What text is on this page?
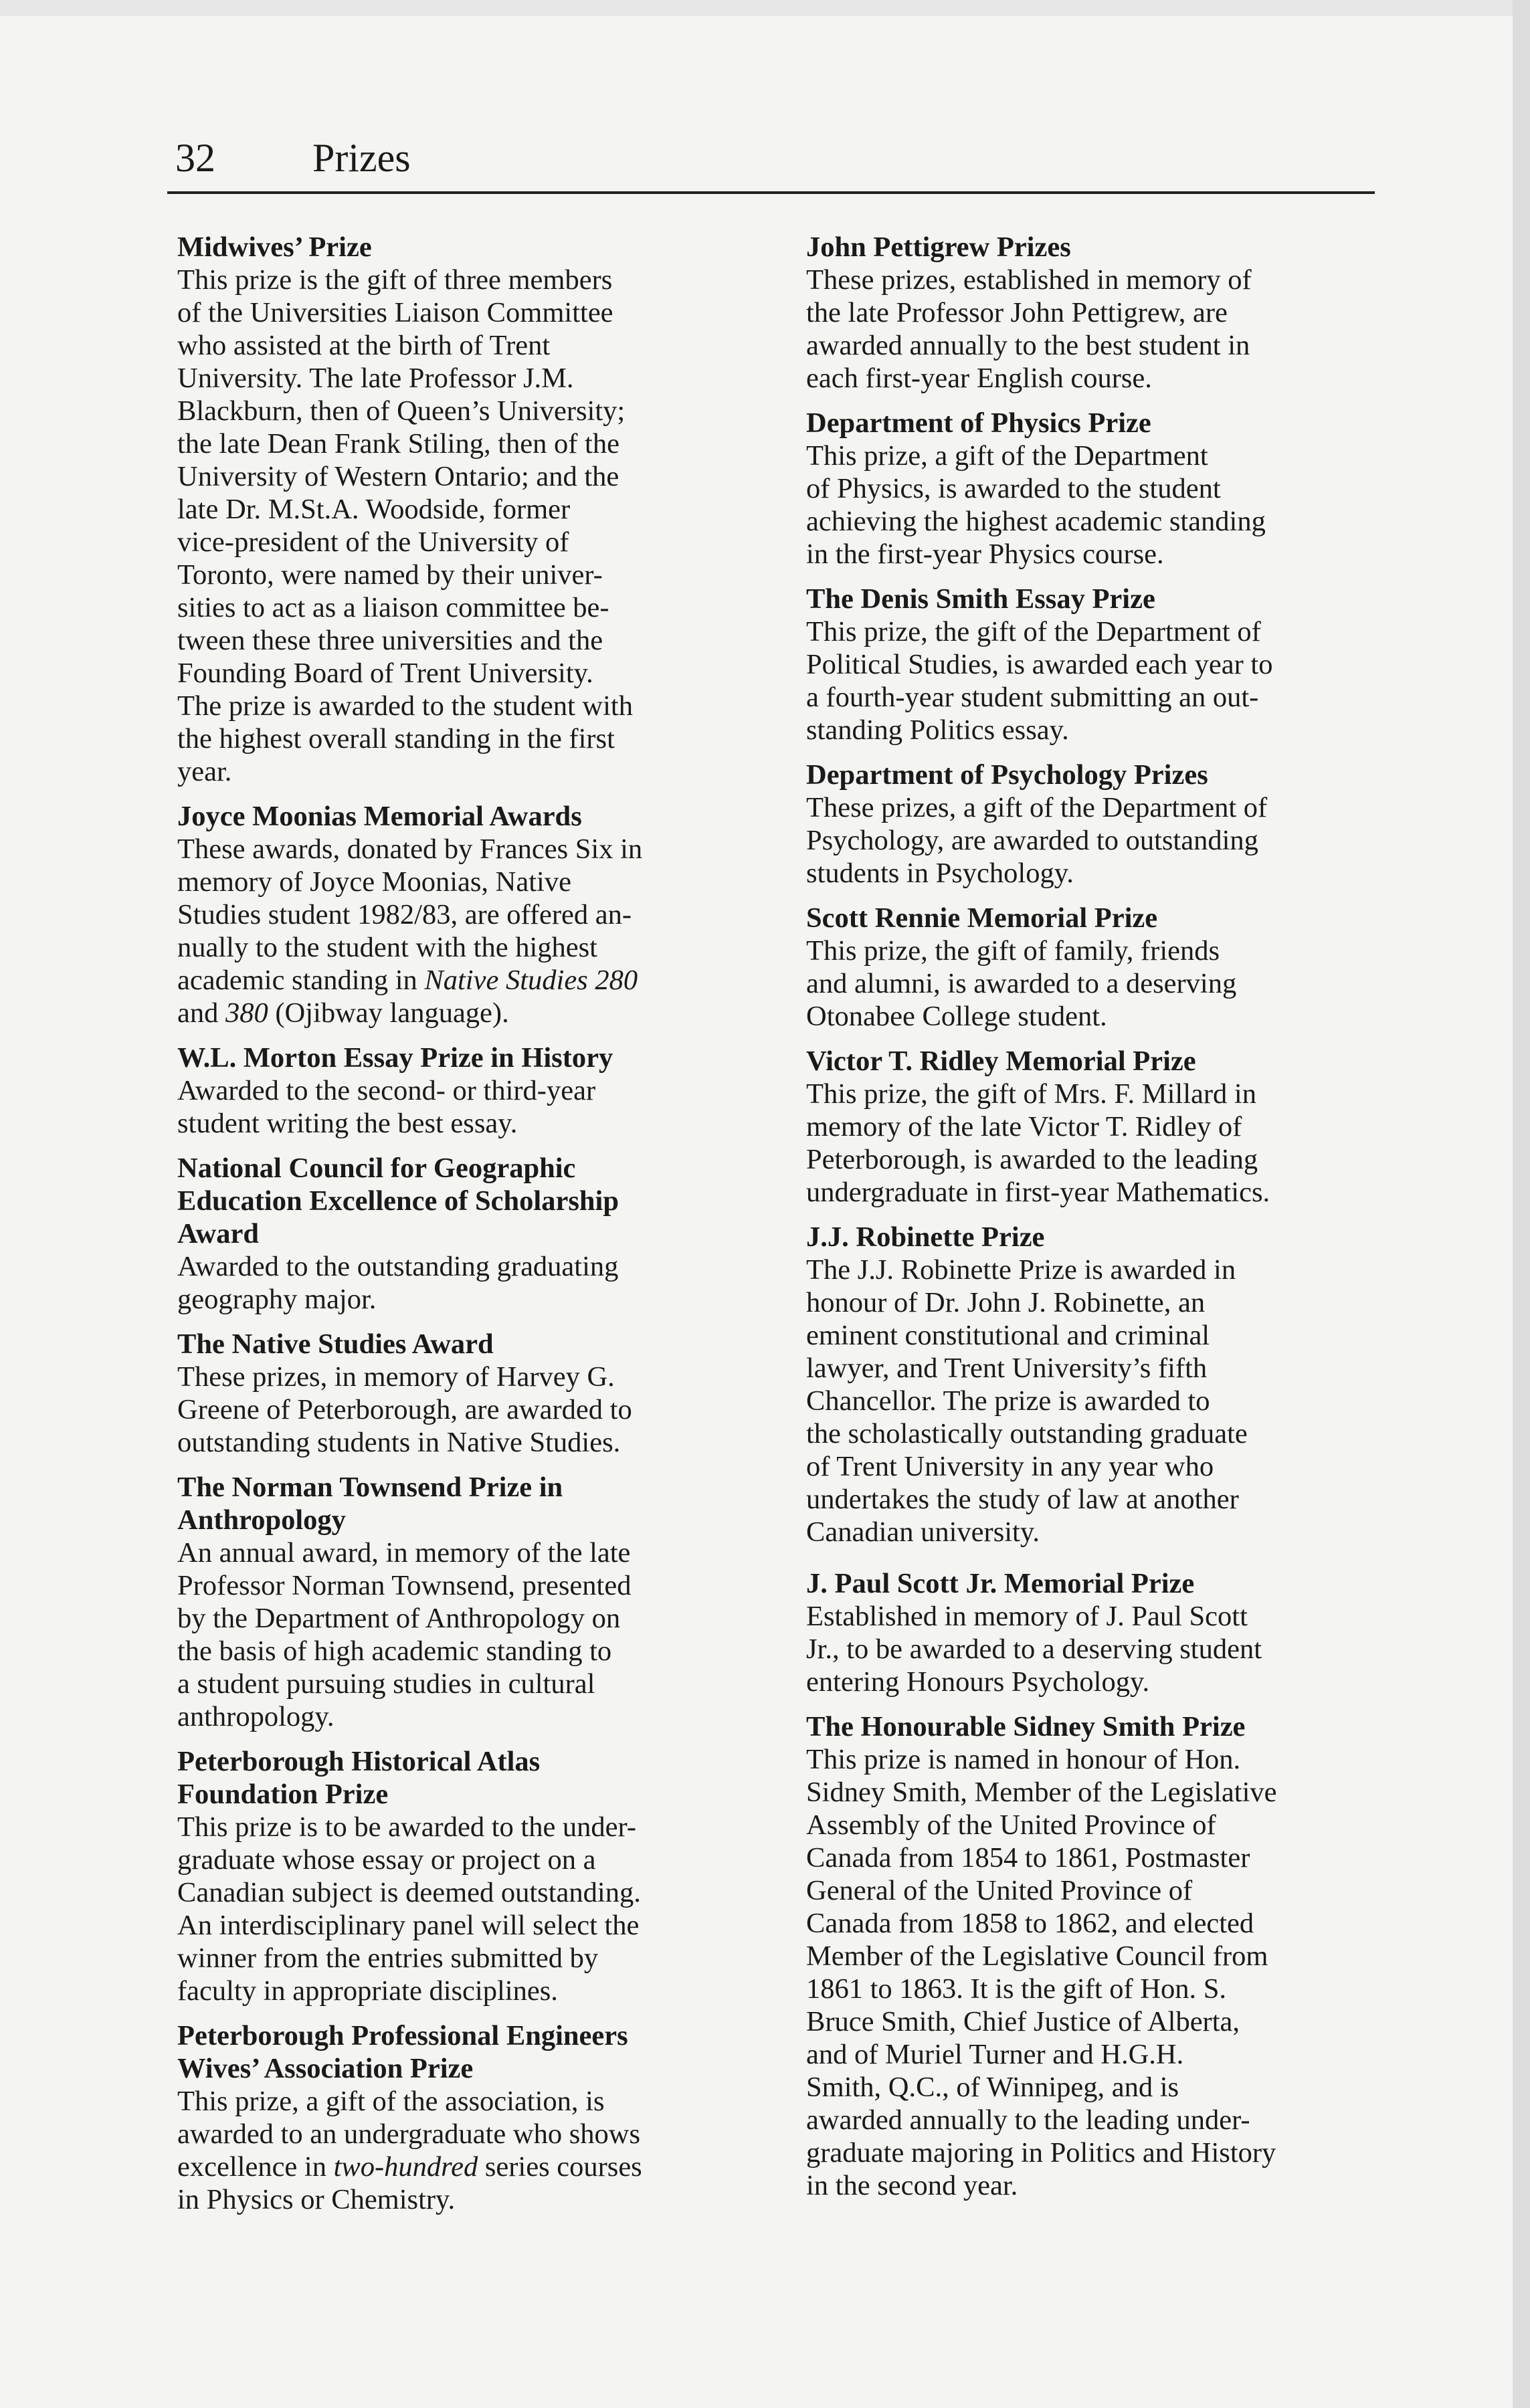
32 Prizes
Midwives’ Prize

This prize is the gift of three members
of the Universities Liaison Committee
who assisted at the birth of Trent
University. The late Professor J.M.
Blackburn, then of Queen’s University;
the late Dean Frank Stiling, then of the
University of Western Ontario; and the
late Dr. M.St.A. Woodside, former
vice-president of the University of
Toronto, were named by their univer-
sities to act as a liaison committee be-
tween these three universities and the
Founding Board of Trent University.
The prize is awarded to the student with
the highest overall standing in the first
year.

Joyce Moonias Memorial Awards

These awards, donated by Frances Six in
memory of Joyce Moonias, Native
Studies student 1982/83, are offered an-
nually to the student with the highest
academic standing in Native Studies 280
and 380 (Ojibway language).

W.L. Morton Essay Prize in History

Awarded to the second- or third-year
student writing the best essay.

National Council for Geographic
Education Excellence of Scholarship
Award

Awarded to the outstanding graduating
geography major.

The Native Studies Award

These prizes, in memory of Harvey G.
Greene of Peterborough, are awarded to
outstanding students in Native Studies.

The Norman Townsend Prize in
Anthropology

An annual award, in memory of the late
Professor Norman Townsend, presented
by the Department of Anthropology on
the basis of high academic standing to
a student pursuing studies in cultural
anthropology.

Peterborough Historical Atlas
Foundation Prize

This prize is to be awarded to the under-
graduate whose essay or project on a
Canadian subject is deemed outstanding.
An interdisciplinary panel will select the
winner from the entries submitted by
faculty in appropriate disciplines.

Peterborough Professional Engineers
Wives’ Association Prize

This prize, a gift of the association, is
awarded to an undergraduate who shows
excellence in two-hundred series courses
in Physics or Chemistry.

John Pettigrew Prizes

These prizes, established in memory of
the late Professor John Pettigrew, are
awarded annually to the best student in
each first-year English course.

Department of Physics Prize

This prize, a gift of the Department
of Physics, is awarded to the student
achieving the highest academic standing
in the first-year Physics course.

The Denis Smith Essay Prize

This prize, the gift of the Department of
Political Studies, is awarded each year to
a fourth-year student submitting an out-
standing Politics essay.

Department of Psychology Prizes

These prizes, a gift of the Department of
Psychology, are awarded to outstanding
students in Psychology.

Scott Rennie Memorial Prize

This prize, the gift of family, friends
and alumni, is awarded to a deserving
Otonabee College student.

Victor T. Ridley Memorial Prize

This prize, the gift of Mrs. F. Millard in
memory of the late Victor T. Ridley of
Peterborough, is awarded to the leading
undergraduate in first-year Mathematics.

J.J. Robinette Prize

The J.J. Robinette Prize is awarded in
honour of Dr. John J. Robinette, an
eminent constitutional and criminal
lawyer, and Trent University’s fifth
Chancellor. The prize is awarded to
the scholastically outstanding graduate
of Trent University in any year who
undertakes the study of law at another
Canadian university.

J. Paul Scott Jr. Memorial Prize

Established in memory of J. Paul Scott
Jr., to be awarded to a deserving student
entering Honours Psychology.

The Honourable Sidney Smith Prize

This prize is named in honour of Hon.
Sidney Smith, Member of the Legislative
Assembly of the United Province of
Canada from 1854 to 1861, Postmaster
General of the United Province of
Canada from 1858 to 1862, and elected
Member of the Legislative Council from
1861 to 1863. It is the gift of Hon. S.
Bruce Smith, Chief Justice of Alberta,
and of Muriel Turner and H.G.H.
Smith, Q.C., of Winnipeg, and is
awarded annually to the leading under-
graduate majoring in Politics and History
in the second year.
